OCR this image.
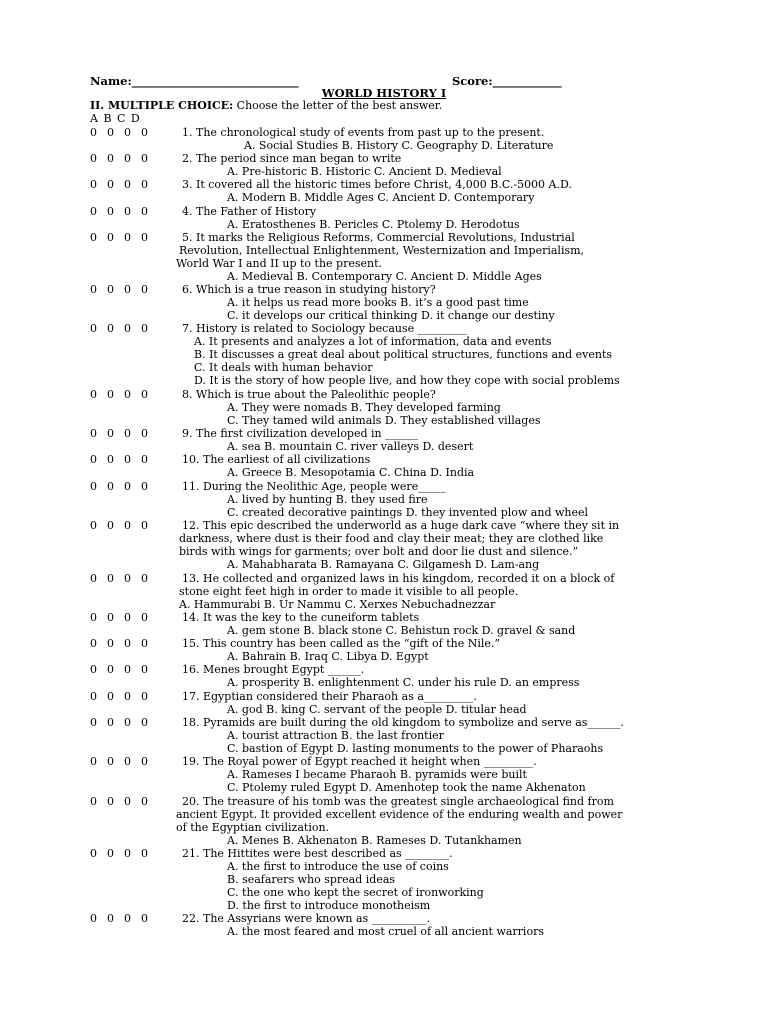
Name:_____________________________	Score:____________
WORLD HISTORY I
II. MULTIPLE CHOICE: Choose the letter of the best answer.
A B C D
0  0  0  0	1. The chronological study of events from past up to the present.
A. Social Studies B. History C. Geography D. Literature
0  0  0  0	2. The period since man began to write
A. Pre-historic B. Historic C. Ancient D. Medieval
0  0  0  0	3. It covered all the historic times before Christ, 4,000 B.C.-5000 A.D.
A. Modern B. Middle Ages C. Ancient D. Contemporary
0  0  0  0	4. The Father of History
A. Eratosthenes B. Pericles C. Ptolemy D. Herodotus
0  0  0  0	5. It marks the Religious Reforms, Commercial Revolutions, Industrial
Revolution, Intellectual Enlightenment, Westernization and Imperialism,
World War I and II up to the present.
A. Medieval B. Contemporary C. Ancient D. Middle Ages
0  0  0  0	6. Which is a true reason in studying history?
A. it helps us read more books B. it’s a good past time
C. it develops our critical thinking D. it change our destiny
0  0  0  0	7. History is related to Sociology because _________
A. It presents and analyzes a lot of information, data and events
B. It discusses a great deal about political structures, functions and events
C. It deals with human behavior
D. It is the story of how people live, and how they cope with social problems
0  0  0  0	8. Which is true about the Paleolithic people?
A. They were nomads B. They developed farming
C. They tamed wild animals D. They established villages
0  0  0  0	9. The first civilization developed in ______
A. sea B. mountain C. river valleys D. desert
0  0  0  0	10. The earliest of all civilizations
A. Greece B. Mesopotamia C. China D. India
0  0  0  0	11. During the Neolithic Age, people were_____
A. lived by hunting B. they used fire
C. created decorative paintings D. they invented plow and wheel
0  0  0  0	12. This epic described the underworld as a huge dark cave “where they sit in
darkness, where dust is their food and clay their meat; they are clothed like
birds with wings for garments; over bolt and door lie dust and silence.”
A. Mahabharata B. Ramayana C. Gilgamesh D. Lam-ang
0  0  0  0	13. He collected and organized laws in his kingdom, recorded it on a block of
stone eight feet high in order to made it visible to all people.
A. Hammurabi B. Ur Nammu C. Xerxes Nebuchadnezzar
0  0  0  0	14. It was the key to the cuneiform tablets
A. gem stone B. black stone C. Behistun rock D. gravel & sand
0  0  0  0	15. This country has been called as the “gift of the Nile.”
A. Bahrain B. Iraq C. Libya D. Egypt
0  0  0  0	16. Menes brought Egypt ______.
A. prosperity B. enlightenment C. under his rule D. an empress
0  0  0  0	17. Egyptian considered their Pharaoh as a_________.
A. god B. king C. servant of the people D. titular head
0  0  0  0	18. Pyramids are built during the old kingdom to symbolize and serve as______.
A. tourist attraction B. the last frontier
C. bastion of Egypt D. lasting monuments to the power of Pharaohs
0  0  0  0	19. The Royal power of Egypt reached it height when _________.
A. Rameses I became Pharaoh B. pyramids were built
C. Ptolemy ruled Egypt D. Amenhotep took the name Akhenaton
0  0  0  0	20. The treasure of his tomb was the greatest single archaeological find from
ancient Egypt. It provided excellent evidence of the enduring wealth and power
of the Egyptian civilization.
A. Menes B. Akhenaton B. Rameses D. Tutankhamen
0  0  0  0	21. The Hittites were best described as ________.
A. the first to introduce the use of coins
B. seafarers who spread ideas
C. the one who kept the secret of ironworking
D. the first to introduce monotheism
0  0  0  0	22. The Assyrians were known as __________.
A. the most feared and most cruel of all ancient warriors
